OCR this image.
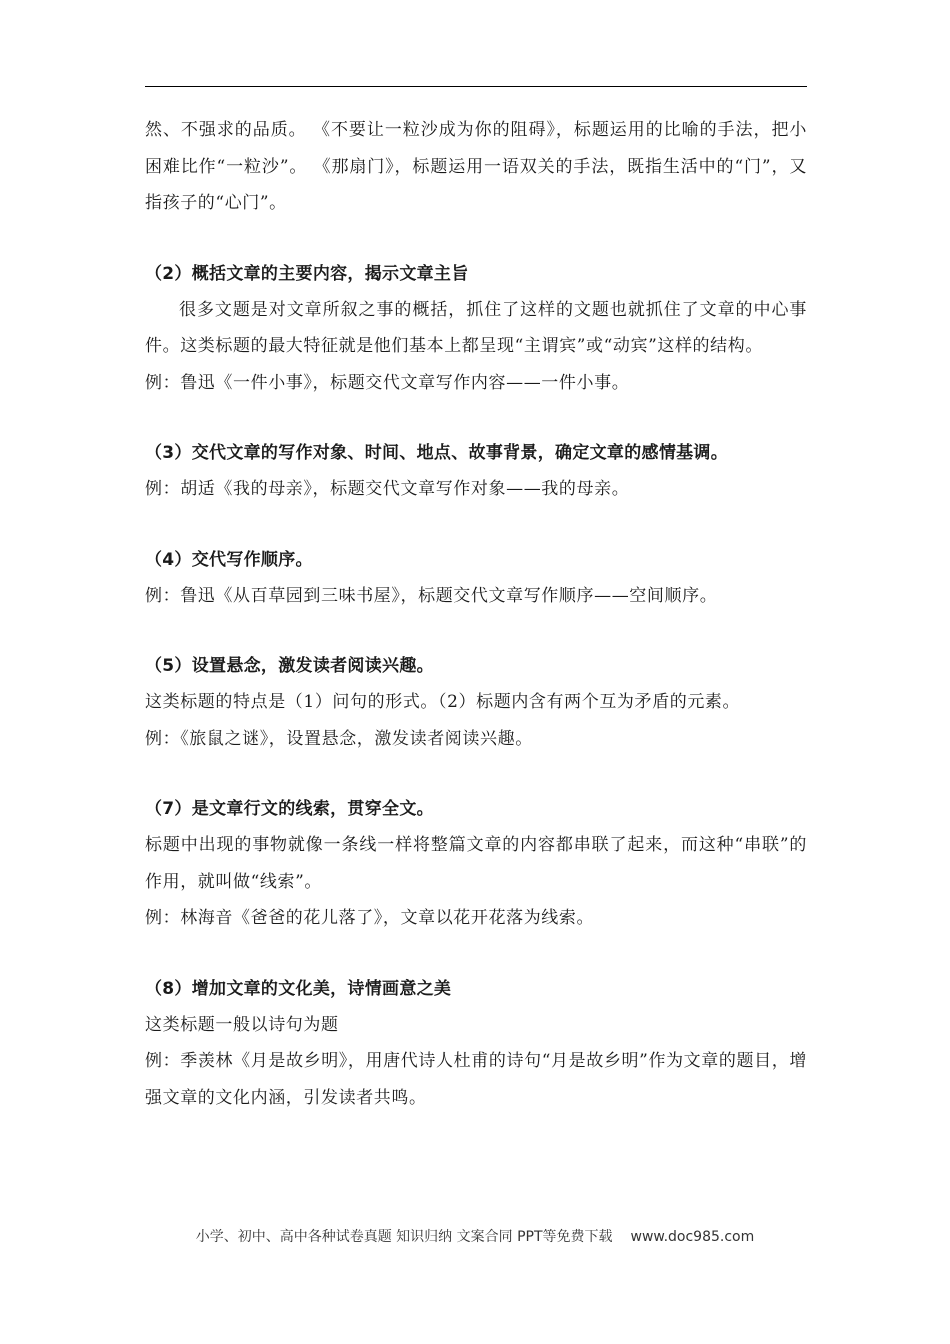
然、不强求的品质。 《不要让一粒沙成为你的阻碍》，标题运用的比喻的手法，把小困难比作“一粒沙”。 《那扇门》，标题运用一语双关的手法，既指生活中的“门”，又指孩子的“心门”。

（2）概括文章的主要内容，揭示文章主旨

很多文题是对文章所叙之事的概括，抓住了这样的文题也就抓住了文章的中心事件。这类标题的最大特征就是他们基本上都呈现“主谓宾”或“动宾”这样的结构。

例：鲁迅《一件小事》，标题交代文章写作内容——一件小事。

（3）交代文章的写作对象、时间、地点、故事背景，确定文章的感情基调。

例：胡适《我的母亲》，标题交代文章写作对象——我的母亲。

（4）交代写作顺序。

例：鲁迅《从百草园到三味书屋》，标题交代文章写作顺序——空间顺序。

（5）设置悬念，激发读者阅读兴趣。

这类标题的特点是（1）问句的形式。（2）标题内含有两个互为矛盾的元素。

例：《旅鼠之谜》，设置悬念，激发读者阅读兴趣。

（7）是文章行文的线索，贯穿全文。

标题中出现的事物就像一条线一样将整篇文章的内容都串联了起来，而这种“串联”的作用，就叫做“线索”。

例：林海音《爸爸的花儿落了》，文章以花开花落为线索。

（8）增加文章的文化美，诗情画意之美

这类标题一般以诗句为题

例：季羡林《月是故乡明》，用唐代诗人杜甫的诗句“月是故乡明”作为文章的题目，增强文章的文化内涵，引发读者共鸣。

小学、初中、高中各种试卷真题 知识归纳 文案合同 PPT等免费下载 www.doc985.com
